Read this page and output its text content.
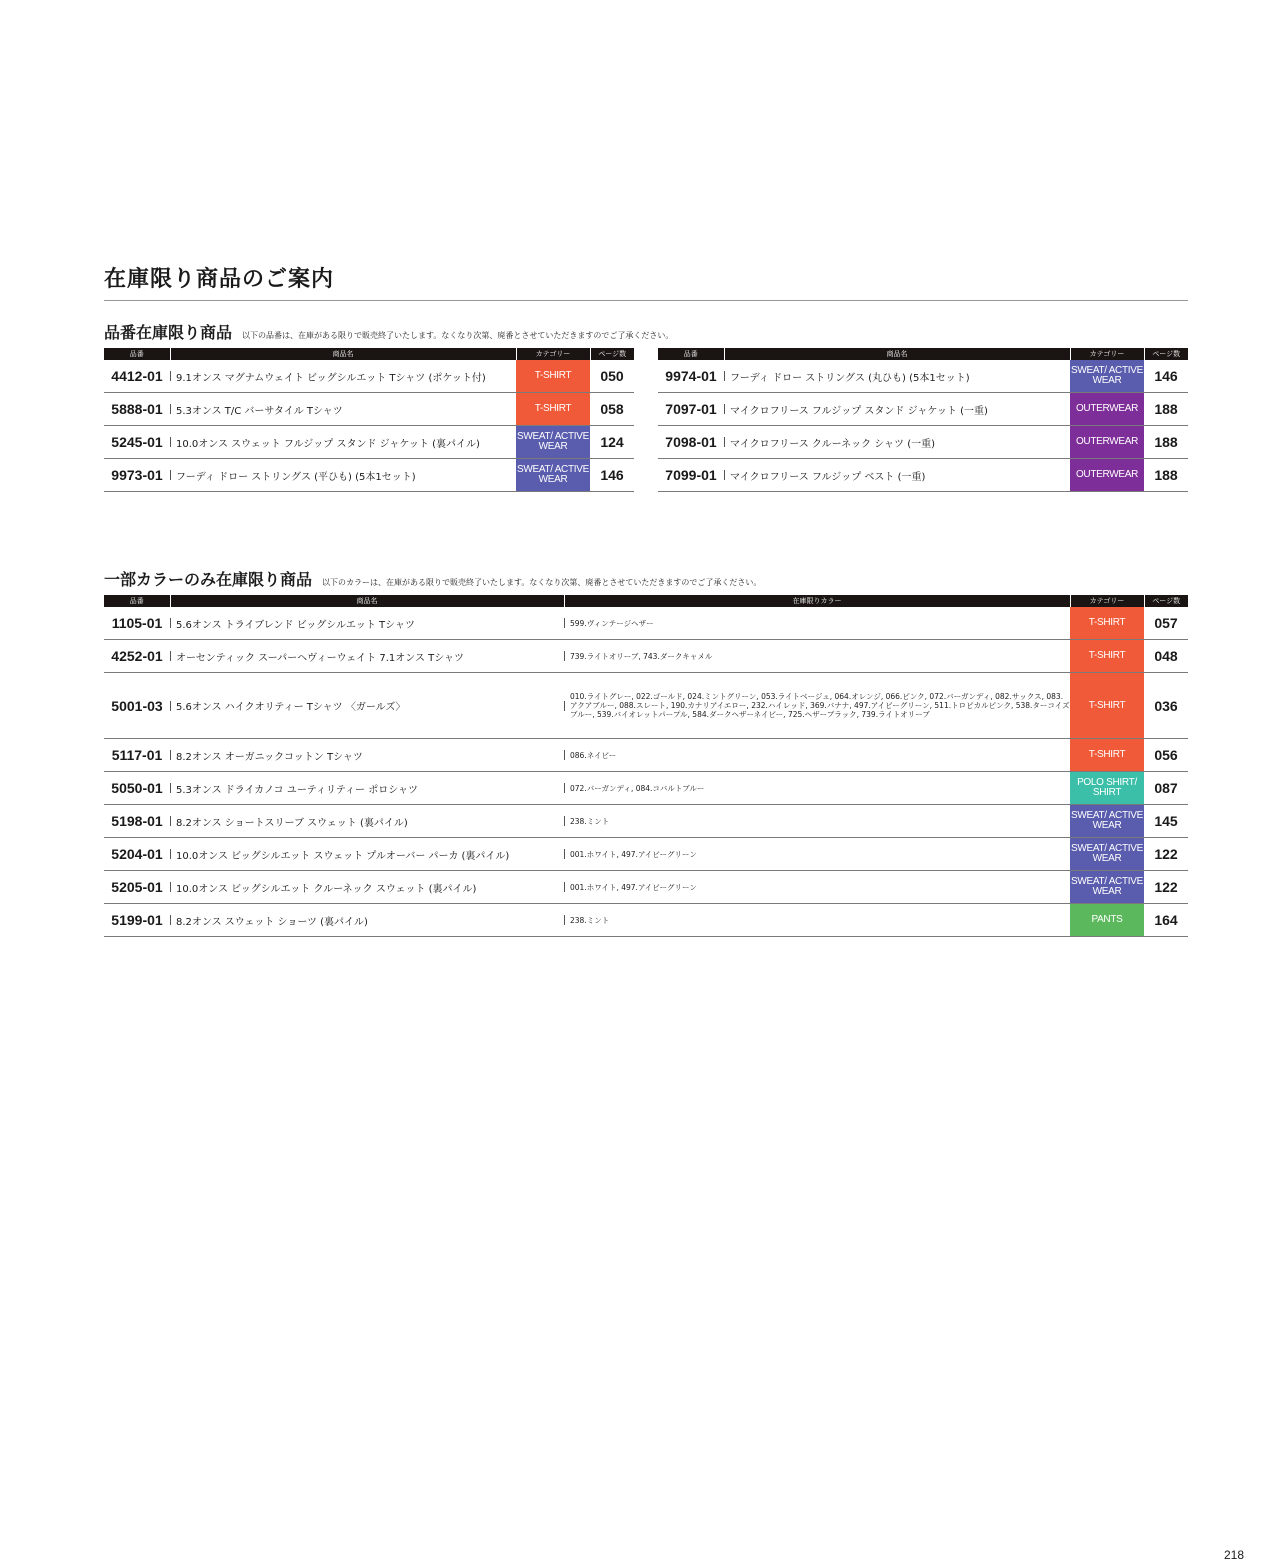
在庫限り商品のご案内
品番在庫限り商品 以下の品番は、在庫がある限りで販売終了いたします。なくなり次第、廃番とさせていただきますのでご了承ください。
品番	商品名	カテゴリー	ページ数
4412-01	9.1オンス マグナムウェイト ビッグシルエット Tシャツ (ポケット付)	T-SHIRT	050
5888-01	5.3オンス T/C バーサタイル Tシャツ	T-SHIRT	058
5245-01	10.0オンス スウェット フルジップ スタンド ジャケット (裏パイル)	SWEAT/ ACTIVE WEAR	124
9973-01	フーディ ドロー ストリングス (平ひも) (5本1セット)	SWEAT/ ACTIVE WEAR	146
品番	商品名	カテゴリー	ページ数
9974-01	フーディ ドロー ストリングス (丸ひも) (5本1セット)	SWEAT/ ACTIVE WEAR	146
7097-01	マイクロフリース フルジップ スタンド ジャケット (一重)	OUTERWEAR	188
7098-01	マイクロフリース クルーネック シャツ (一重)	OUTERWEAR	188
7099-01	マイクロフリース フルジップ ベスト (一重)	OUTERWEAR	188
一部カラーのみ在庫限り商品 以下のカラーは、在庫がある限りで販売終了いたします。なくなり次第、廃番とさせていただきますのでご了承ください。
品番	商品名	在庫限りカラー	カテゴリー	ページ数
1105-01	5.6オンス トライブレンド ビッグシルエット Tシャツ	599.ヴィンテージヘザー	T-SHIRT	057
4252-01	オーセンティック スーパーヘヴィーウェイト 7.1オンス Tシャツ	739.ライトオリーブ, 743.ダークキャメル	T-SHIRT	048
5001-03	5.6オンス ハイクオリティー Tシャツ 〈ガールズ〉	010.ライトグレー, 022.ゴールド, 024.ミントグリーン, 053.ライトベージュ, 064.オレンジ, 066.ピンク, 072.バーガンディ, 082.サックス, 083.アクアブルー, 088.スレート, 190.カナリアイエロー, 232.ハイレッド, 369.バナナ, 497.アイビーグリーン, 511.トロピカルピンク, 538.ターコイズブルー, 539.バイオレットパープル, 584.ダークヘザーネイビー, 725.ヘザーブラック, 739.ライトオリーブ	T-SHIRT	036
5117-01	8.2オンス オーガニックコットン Tシャツ	086.ネイビー	T-SHIRT	056
5050-01	5.3オンス ドライカノコ ユーティリティー ポロシャツ	072.バーガンディ, 084.コバルトブルー	POLO SHIRT/ SHIRT	087
5198-01	8.2オンス ショートスリーブ スウェット (裏パイル)	238.ミント	SWEAT/ ACTIVE WEAR	145
5204-01	10.0オンス ビッグシルエット スウェット プルオーバー パーカ (裏パイル)	001.ホワイト, 497.アイビーグリーン	SWEAT/ ACTIVE WEAR	122
5205-01	10.0オンス ビッグシルエット クルーネック スウェット (裏パイル)	001.ホワイト, 497.アイビーグリーン	SWEAT/ ACTIVE WEAR	122
5199-01	8.2オンス スウェット ショーツ (裏パイル)	238.ミント	PANTS	164
218
